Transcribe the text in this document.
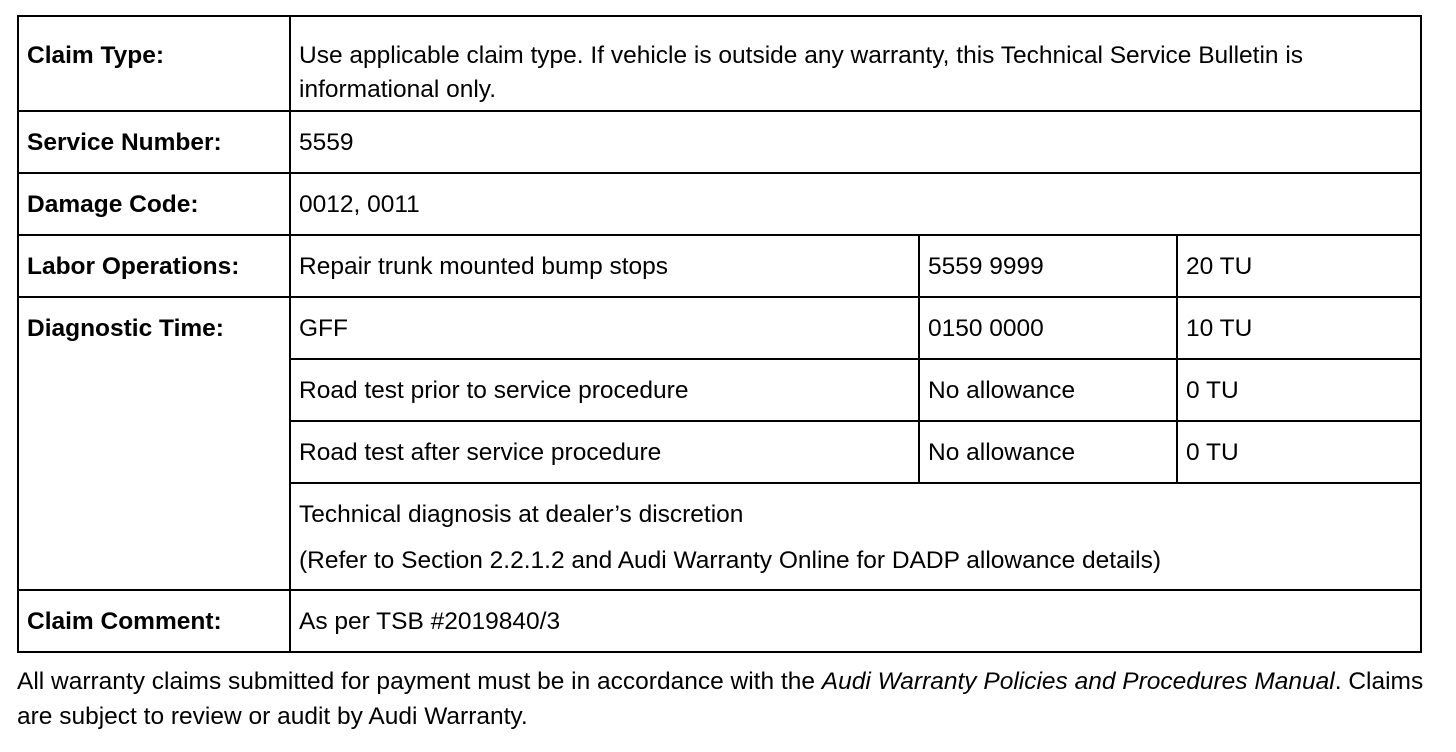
Claim Type:	Use applicable claim type. If vehicle is outside any warranty, this Technical Service Bulletin is informational only.		
Service Number:	5559		
Damage Code:	0012, 0011		
Labor Operations:	Repair trunk mounted bump stops	5559 9999	20 TU
Diagnostic Time:	GFF	0150 0000	10 TU
	Road test prior to service procedure	No allowance	0 TU
	Road test after service procedure	No allowance	0 TU
	Technical diagnosis at dealer’s discretion
(Refer to Section 2.2.1.2 and Audi Warranty Online for DADP allowance details)		

Claim Comment:	As per TSB #2019840/3		
All warranty claims submitted for payment must be in accordance with the Audi Warranty Policies and Procedures Manual. Claims are subject to review or audit by Audi Warranty.
